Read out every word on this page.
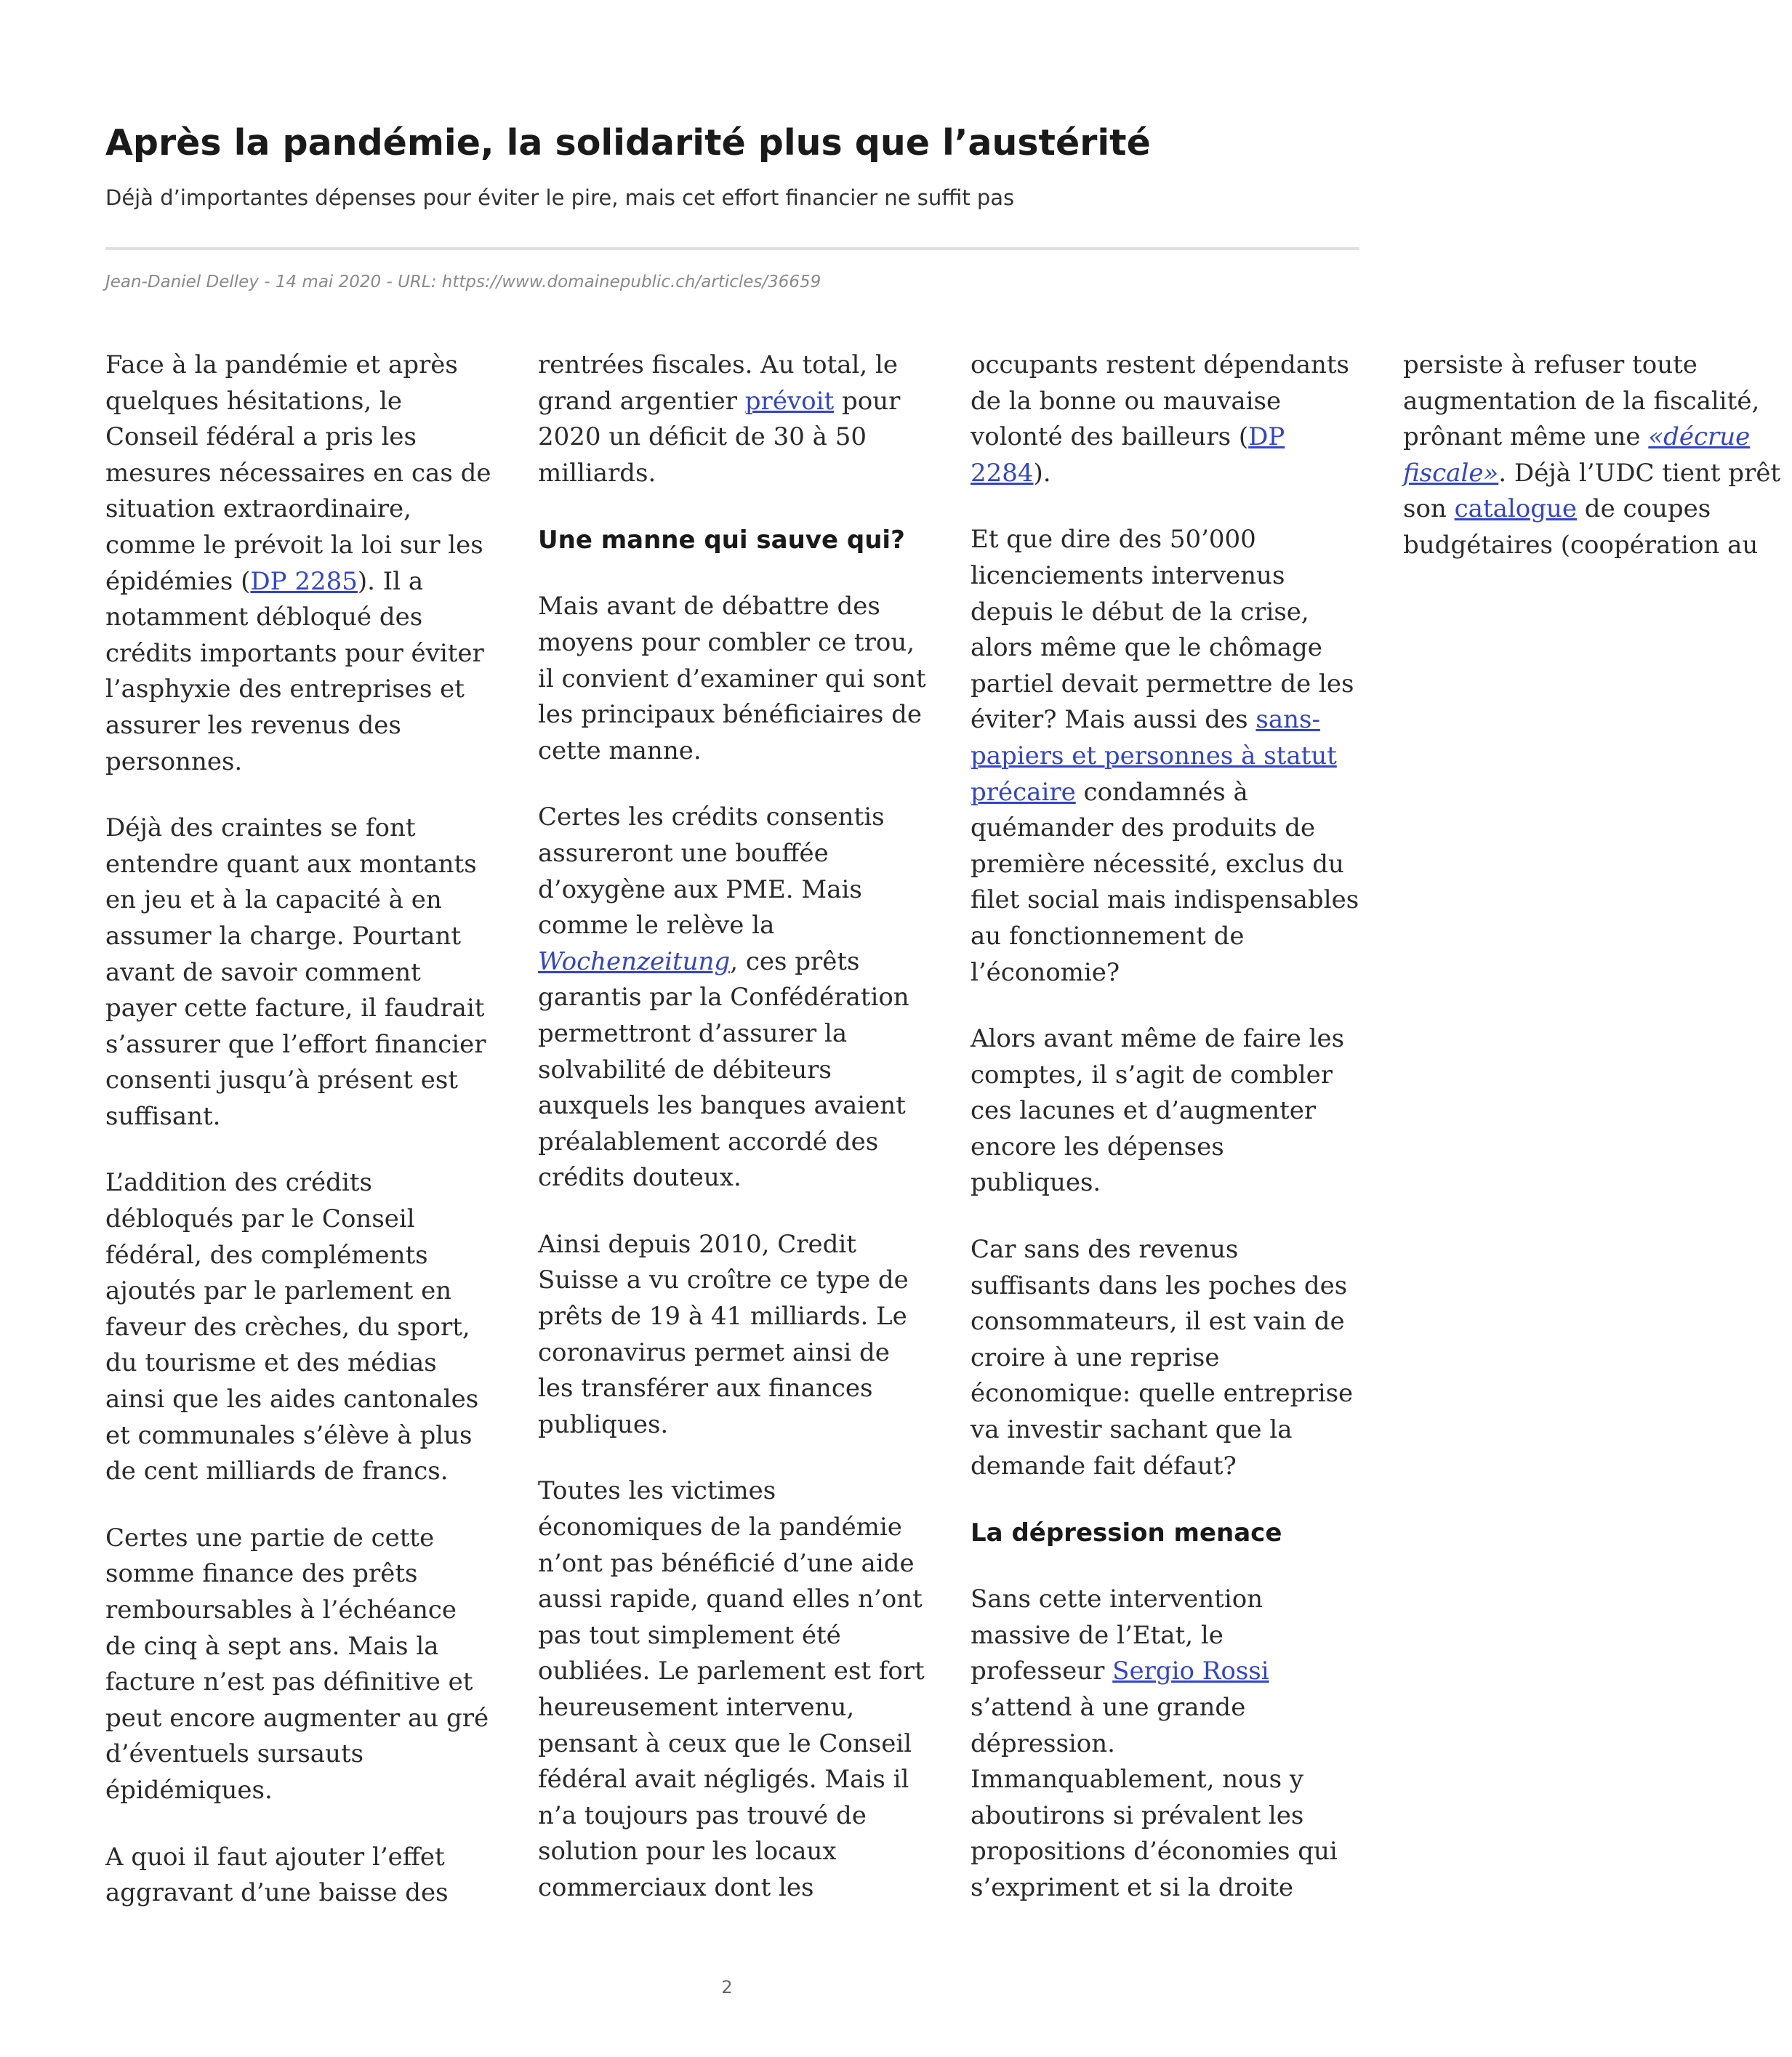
Après la pandémie, la solidarité plus que l’austérité

Déjà d’importantes dépenses pour éviter le pire, mais cet effort financier ne suffit pas

Jean-Daniel Delley - 14 mai 2020 - URL: https://www.domainepublic.ch/articles/36659

Face à la pandémie et après quelques hésitations, le Conseil fédéral a pris les mesures nécessaires en cas de situation extraordinaire, comme le prévoit la loi sur les épidémies (DP 2285). Il a notamment débloqué des crédits importants pour éviter l’asphyxie des entreprises et assurer les revenus des personnes.

Déjà des craintes se font entendre quant aux montants en jeu et à la capacité à en assumer la charge. Pourtant avant de savoir comment payer cette facture, il faudrait s’assurer que l’effort financier consenti jusqu’à présent est suffisant.

L’addition des crédits débloqués par le Conseil fédéral, des compléments ajoutés par le parlement en faveur des crèches, du sport, du tourisme et des médias ainsi que les aides cantonales et communales s’élève à plus de cent milliards de francs.

Certes une partie de cette somme finance des prêts remboursables à l’échéance de cinq à sept ans. Mais la facture n’est pas définitive et peut encore augmenter au gré d’éventuels sursauts épidémiques.

A quoi il faut ajouter l’effet aggravant d’une baisse des rentrées fiscales. Au total, le grand argentier prévoit pour 2020 un déficit de 30 à 50 milliards.

Une manne qui sauve qui?

Mais avant de débattre des moyens pour combler ce trou, il convient d’examiner qui sont les principaux bénéficiaires de cette manne.

Certes les crédits consentis assureront une bouffée d’oxygène aux PME. Mais comme le relève la Wochenzeitung, ces prêts garantis par la Confédération permettront d’assurer la solvabilité de débiteurs auxquels les banques avaient préalablement accordé des crédits douteux.

Ainsi depuis 2010, Credit Suisse a vu croître ce type de prêts de 19 à 41 milliards. Le coronavirus permet ainsi de les transférer aux finances publiques.

Toutes les victimes économiques de la pandémie n’ont pas bénéficié d’une aide aussi rapide, quand elles n’ont pas tout simplement été oubliées. Le parlement est fort heureusement intervenu, pensant à ceux que le Conseil fédéral avait négligés. Mais il n’a toujours pas trouvé de solution pour les locaux commerciaux dont les occupants restent dépendants de la bonne ou mauvaise volonté des bailleurs (DP 2284).

Et que dire des 50’000 licenciements intervenus depuis le début de la crise, alors même que le chômage partiel devait permettre de les éviter? Mais aussi des sans-papiers et personnes à statut précaire condamnés à quémander des produits de première nécessité, exclus du filet social mais indispensables au fonctionnement de l’économie?

Alors avant même de faire les comptes, il s’agit de combler ces lacunes et d’augmenter encore les dépenses publiques.

Car sans des revenus suffisants dans les poches des consommateurs, il est vain de croire à une reprise économique: quelle entreprise va investir sachant que la demande fait défaut?

La dépression menace

Sans cette intervention massive de l’Etat, le professeur Sergio Rossi s’attend à une grande dépression. Immanquablement, nous y aboutirons si prévalent les propositions d’économies qui s’expriment et si la droite persiste à refuser toute augmentation de la fiscalité, prônant même une «décrue fiscale». Déjà l’UDC tient prêt son catalogue de coupes budgétaires (coopération au

2
